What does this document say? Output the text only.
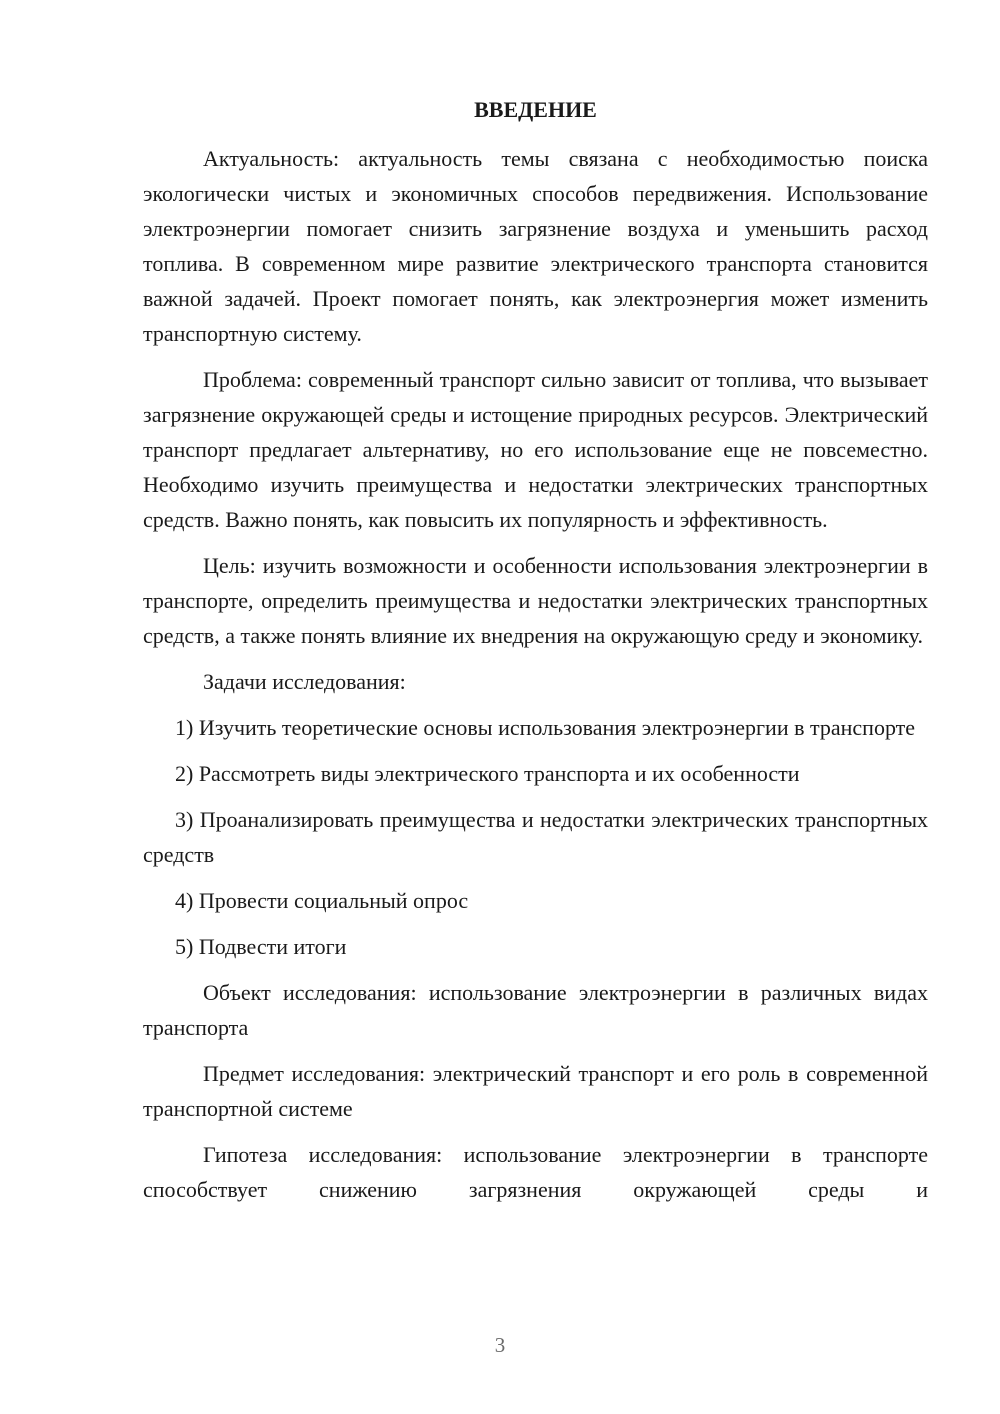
ВВЕДЕНИЕ

Актуальность: актуальность темы связана с необходимостью поиска экологически чистых и экономичных способов передвижения. Использование электроэнергии помогает снизить загрязнение воздуха и уменьшить расход топлива. В современном мире развитие электрического транспорта становится важной задачей. Проект помогает понять, как электроэнергия может изменить транспортную систему.

Проблема: современный транспорт сильно зависит от топлива, что вызывает загрязнение окружающей среды и истощение природных ресурсов. Электрический транспорт предлагает альтернативу, но его использование еще не повсеместно. Необходимо изучить преимущества и недостатки электрических транспортных средств. Важно понять, как повысить их популярность и эффективность.

Цель: изучить возможности и особенности использования электроэнергии в транспорте, определить преимущества и недостатки электрических транспортных средств, а также понять влияние их внедрения на окружающую среду и экономику.

Задачи исследования:

1) Изучить теоретические основы использования электроэнергии в транспорте

2) Рассмотреть виды электрического транспорта и их особенности

3) Проанализировать преимущества и недостатки электрических транспортных средств

4) Провести социальный опрос

5) Подвести итоги

Объект исследования: использование электроэнергии в различных видах транспорта

Предмет исследования: электрический транспорт и его роль в современной транспортной системе

Гипотеза исследования: использование электроэнергии в транспорте способствует снижению загрязнения окружающей среды и

3
